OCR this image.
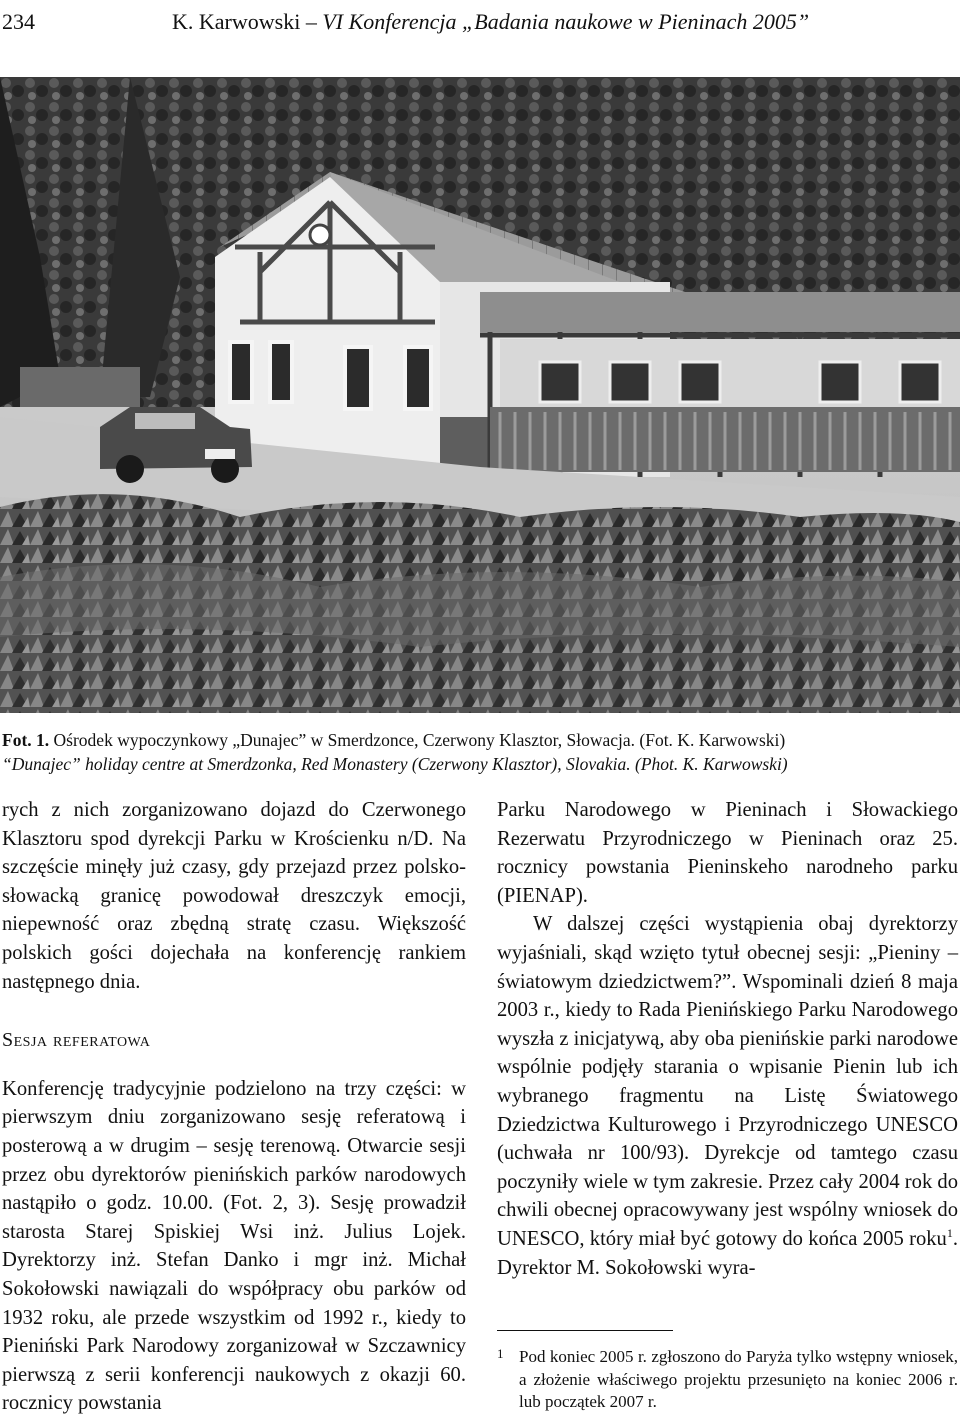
234	K. Karwowski – VI Konferencja „Badania naukowe w Pieninach 2005”
Fot. 1. Ośrodek wypoczynkowy „Dunajec” w Smerdzonce, Czerwony Klasztor, Słowacja. (Fot. K. Karwowski)
“Dunajec” holiday centre at Smerdzonka, Red Monastery (Czerwony Klasztor), Slovakia. (Phot. K. Karwowski)

rych z nich zorganizowano dojazd do Czerwonego Klasztoru spod dyrekcji Parku w Krościenku n/D. Na szczęście minęły już czasy, gdy przejazd przez polsko-słowacką granicę powodował dreszczyk emocji, niepewność oraz zbędną stratę czasu. Większość polskich gości dojechała na konferencję rankiem następnego dnia.

Sesja referatowa

Konferencję tradycyjnie podzielono na trzy części: w pierwszym dniu zorganizowano sesję referatową i posterową a w drugim – sesję terenową. Otwarcie sesji przez obu dyrektorów pienińskich parków narodowych nastąpiło o godz. 10.00. (Fot. 2, 3). Sesję prowadził starosta Starej Spiskiej Wsi inż. Julius Lojek. Dyrektorzy inż. Stefan Danko i mgr inż. Michał Sokołowski nawiązali do współpracy obu parków od 1932 roku, ale przede wszystkim od 1992 r., kiedy to Pieniński Park Narodowy zorganizował w Szczawnicy pierwszą z serii konferencji naukowych z okazji 60. rocznicy powstania

Parku Narodowego w Pieninach i Słowackiego Rezerwatu Przyrodniczego w Pieninach oraz 25. rocznicy powstania Pieninskeho narodneho parku (PIENAP).

W dalszej części wystąpienia obaj dyrektorzy wyjaśniali, skąd wzięto tytuł obecnej sesji: „Pieniny – światowym dziedzictwem?”. Wspominali dzień 8 maja 2003 r., kiedy to Rada Pienińskiego Parku Narodowego wyszła z inicjatywą, aby oba pienińskie parki narodowe wspólnie podjęły starania o wpisanie Pienin lub ich wybranego fragmentu na Listę Światowego Dziedzictwa Kulturowego i Przyrodniczego UNESCO (uchwała nr 100/93). Dyrekcje od tamtego czasu poczyniły wiele w tym zakresie. Przez cały 2004 rok do chwili obecnej opracowywany jest wspólny wniosek do UNESCO, który miał być gotowy do końca 2005 roku$^1$. Dyrektor M. Sokołowski wyra-

1 Pod koniec 2005 r. zgłoszono do Paryża tylko wstępny wniosek, a złożenie właściwego projektu przesunięto na koniec 2006 r. lub początek 2007 r.
